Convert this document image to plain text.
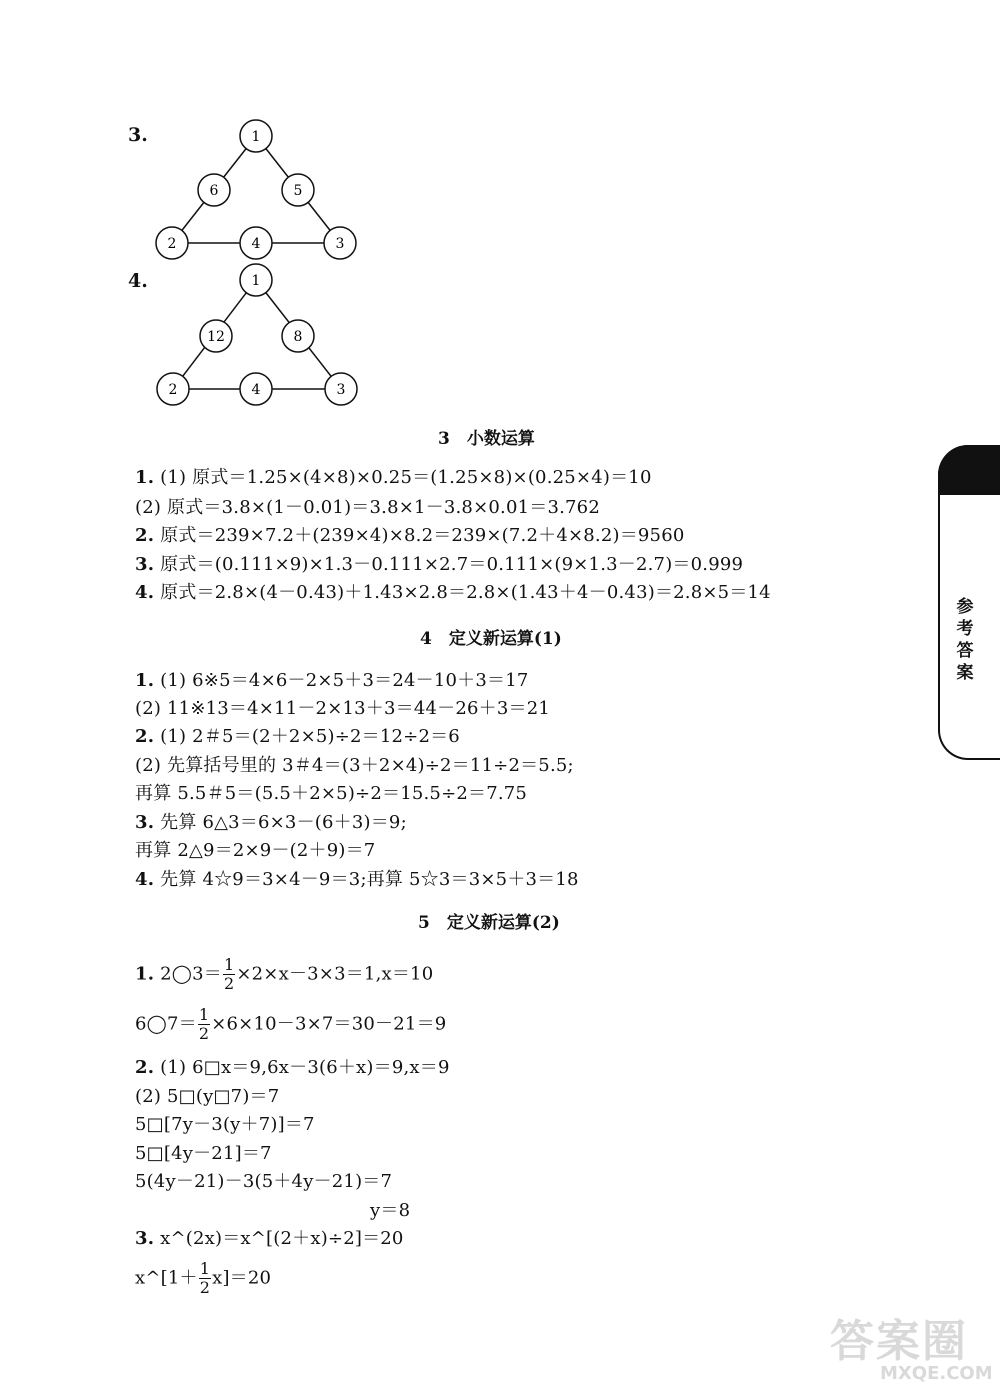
3.	1
6	5
2	4	3
4.	1
12	8
2	4	3
3　小数运算
1. (1) 原式＝1.25×(4×8)×0.25＝(1.25×8)×(0.25×4)＝10
(2) 原式＝3.8×(1－0.01)＝3.8×1－3.8×0.01＝3.762
2. 原式＝239×7.2＋(239×4)×8.2＝239×(7.2＋4×8.2)＝9560
3. 原式＝(0.111×9)×1.3－0.111×2.7＝0.111×(9×1.3－2.7)＝0.999
4. 原式＝2.8×(4－0.43)＋1.43×2.8＝2.8×(1.43＋4－0.43)＝2.8×5＝14
4　定义新运算(1)
1. (1) 6※5＝4×6－2×5＋3＝24－10＋3＝17
(2) 11※13＝4×11－2×13＋3＝44－26＋3＝21
2. (1) 2＃5＝(2＋2×5)÷2＝12÷2＝6
(2) 先算括号里的 3＃4＝(3＋2×4)÷2＝11÷2＝5.5;
再算 5.5＃5＝(5.5＋2×5)÷2＝15.5÷2＝7.75
3. 先算 6△3＝6×3－(6＋3)＝9;
再算 2△9＝2×9－(2＋9)＝7
4. 先算 4☆9＝3×4－9＝3;再算 5☆3＝3×5＋3＝18
5　定义新运算(2)
1. 2◯3＝ $\frac{1}{2} \times 2\times x-3\times 3=1,x=10$
6◯7＝ $\frac{1}{2} \times 6\times 10-3\times 7=30-21=9$
2. (1) 6□x＝9,6x－3(6＋x)＝9,x＝9
(2) 5□(y□7)＝7
5□[7y－3(y＋7)]＝7
5□[4y－21]＝7
5(4y－21)－3(5＋4y－21)＝7
y＝8
3. x^(2x)＝x^[(2＋x)÷2]＝20
x^[1＋ $\frac{1}{2} x]=20$
参考答案
答案圈
MXQE.COM
